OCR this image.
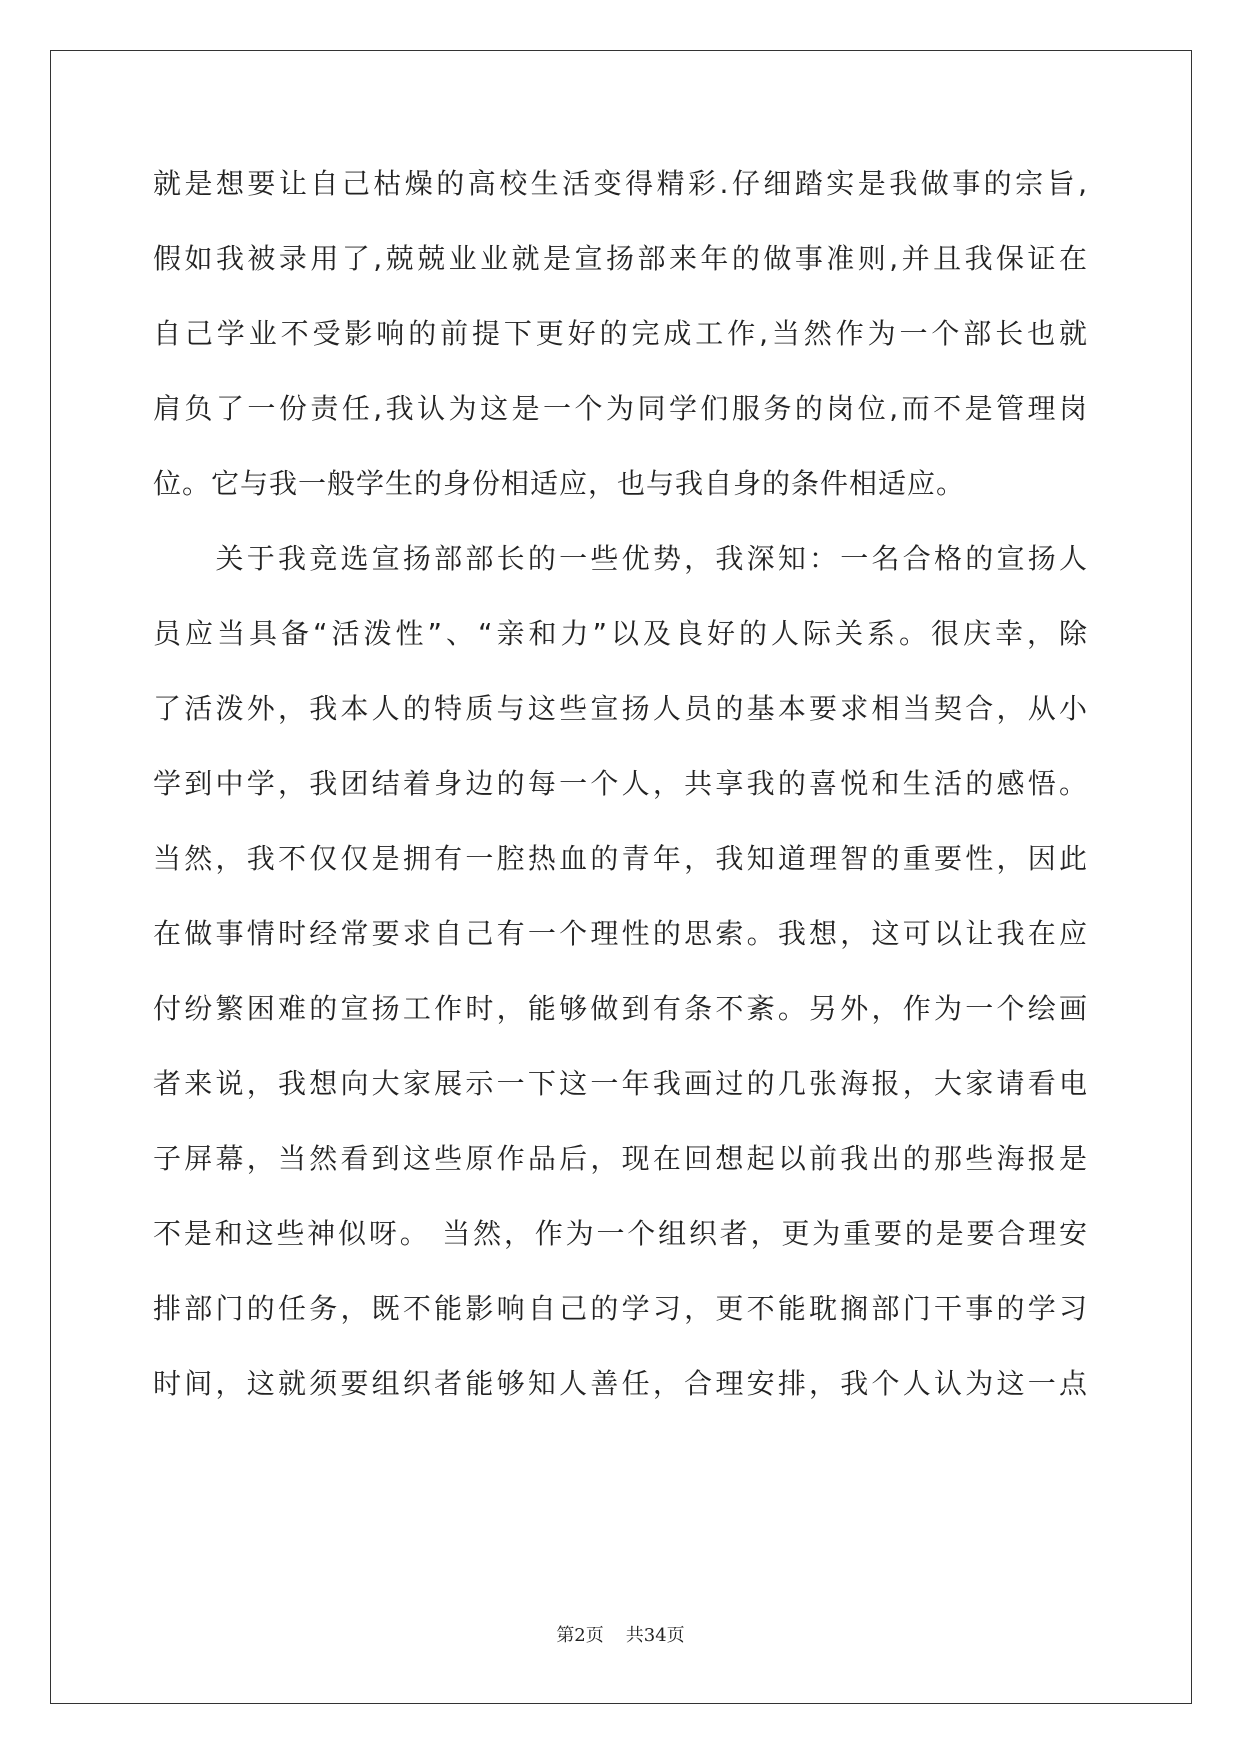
就是想要让自己枯燥的高校生活变得精彩.仔细踏实是我做事的宗旨,
假如我被录用了,兢兢业业就是宣扬部来年的做事准则,并且我保证在
自己学业不受影响的前提下更好的完成工作,当然作为一个部长也就
肩负了一份责任,我认为这是一个为同学们服务的岗位,而不是管理岗
位。它与我一般学生的身份相适应，也与我自身的条件相适应。
　　关于我竞选宣扬部部长的一些优势，我深知：一名合格的宣扬人
员应当具备“活泼性”、“亲和力”以及良好的人际关系。很庆幸，除
了活泼外，我本人的特质与这些宣扬人员的基本要求相当契合，从小
学到中学，我团结着身边的每一个人，共享我的喜悦和生活的感悟。
当然，我不仅仅是拥有一腔热血的青年，我知道理智的重要性，因此
在做事情时经常要求自己有一个理性的思索。我想，这可以让我在应
付纷繁困难的宣扬工作时，能够做到有条不紊。另外，作为一个绘画
者来说，我想向大家展示一下这一年我画过的几张海报，大家请看电
子屏幕，当然看到这些原作品后，现在回想起以前我出的那些海报是
不是和这些神似呀。 当然，作为一个组织者，更为重要的是要合理安
排部门的任务，既不能影响自己的学习，更不能耽搁部门干事的学习
时间，这就须要组织者能够知人善任，合理安排，我个人认为这一点
第2页 共34页
